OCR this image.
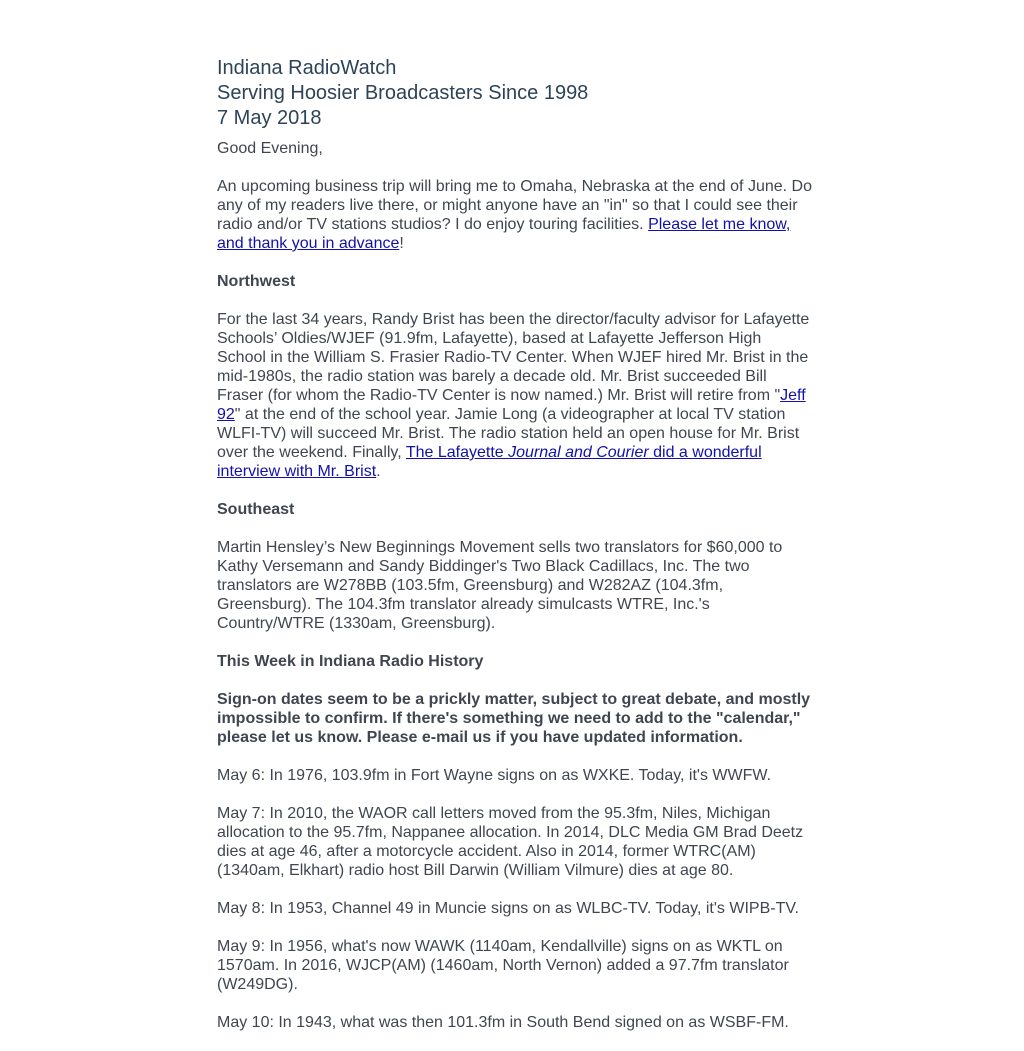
Indiana RadioWatch
Serving Hoosier Broadcasters Since 1998
7 May 2018

Good Evening,

An upcoming business trip will bring me to Omaha, Nebraska at the end of June. Do any of my readers live there, or might anyone have an "in" so that I could see their radio and/or TV stations studios? I do enjoy touring facilities. Please let me know, and thank you in advance!

Northwest

For the last 34 years, Randy Brist has been the director/faculty advisor for Lafayette Schools’ Oldies/WJEF (91.9fm, Lafayette), based at Lafayette Jefferson High School in the William S. Frasier Radio-TV Center. When WJEF hired Mr. Brist in the mid-1980s, the radio station was barely a decade old. Mr. Brist succeeded Bill Fraser (for whom the Radio-TV Center is now named.) Mr. Brist will retire from "Jeff 92" at the end of the school year. Jamie Long (a videographer at local TV station WLFI-TV) will succeed Mr. Brist. The radio station held an open house for Mr. Brist over the weekend. Finally, The Lafayette Journal and Courier did a wonderful interview with Mr. Brist.

Southeast

Martin Hensley’s New Beginnings Movement sells two translators for $60,000 to Kathy Versemann and Sandy Biddinger's Two Black Cadillacs, Inc. The two translators are W278BB (103.5fm, Greensburg) and W282AZ (104.3fm, Greensburg). The 104.3fm translator already simulcasts WTRE, Inc.'s Country/WTRE (1330am, Greensburg).

This Week in Indiana Radio History

Sign-on dates seem to be a prickly matter, subject to great debate, and mostly impossible to confirm. If there's something we need to add to the "calendar," please let us know. Please e-mail us if you have updated information.

May 6: In 1976, 103.9fm in Fort Wayne signs on as WXKE. Today, it's WWFW.

May 7: In 2010, the WAOR call letters moved from the 95.3fm, Niles, Michigan allocation to the 95.7fm, Nappanee allocation. In 2014, DLC Media GM Brad Deetz dies at age 46, after a motorcycle accident. Also in 2014, former WTRC(AM) (1340am, Elkhart) radio host Bill Darwin (William Vilmure) dies at age 80.

May 8: In 1953, Channel 49 in Muncie signs on as WLBC-TV. Today, it's WIPB-TV.

May 9: In 1956, what's now WAWK (1140am, Kendallville) signs on as WKTL on 1570am. In 2016, WJCP(AM) (1460am, North Vernon) added a 97.7fm translator (W249DG).

May 10: In 1943, what was then 101.3fm in South Bend signed on as WSBF-FM.
